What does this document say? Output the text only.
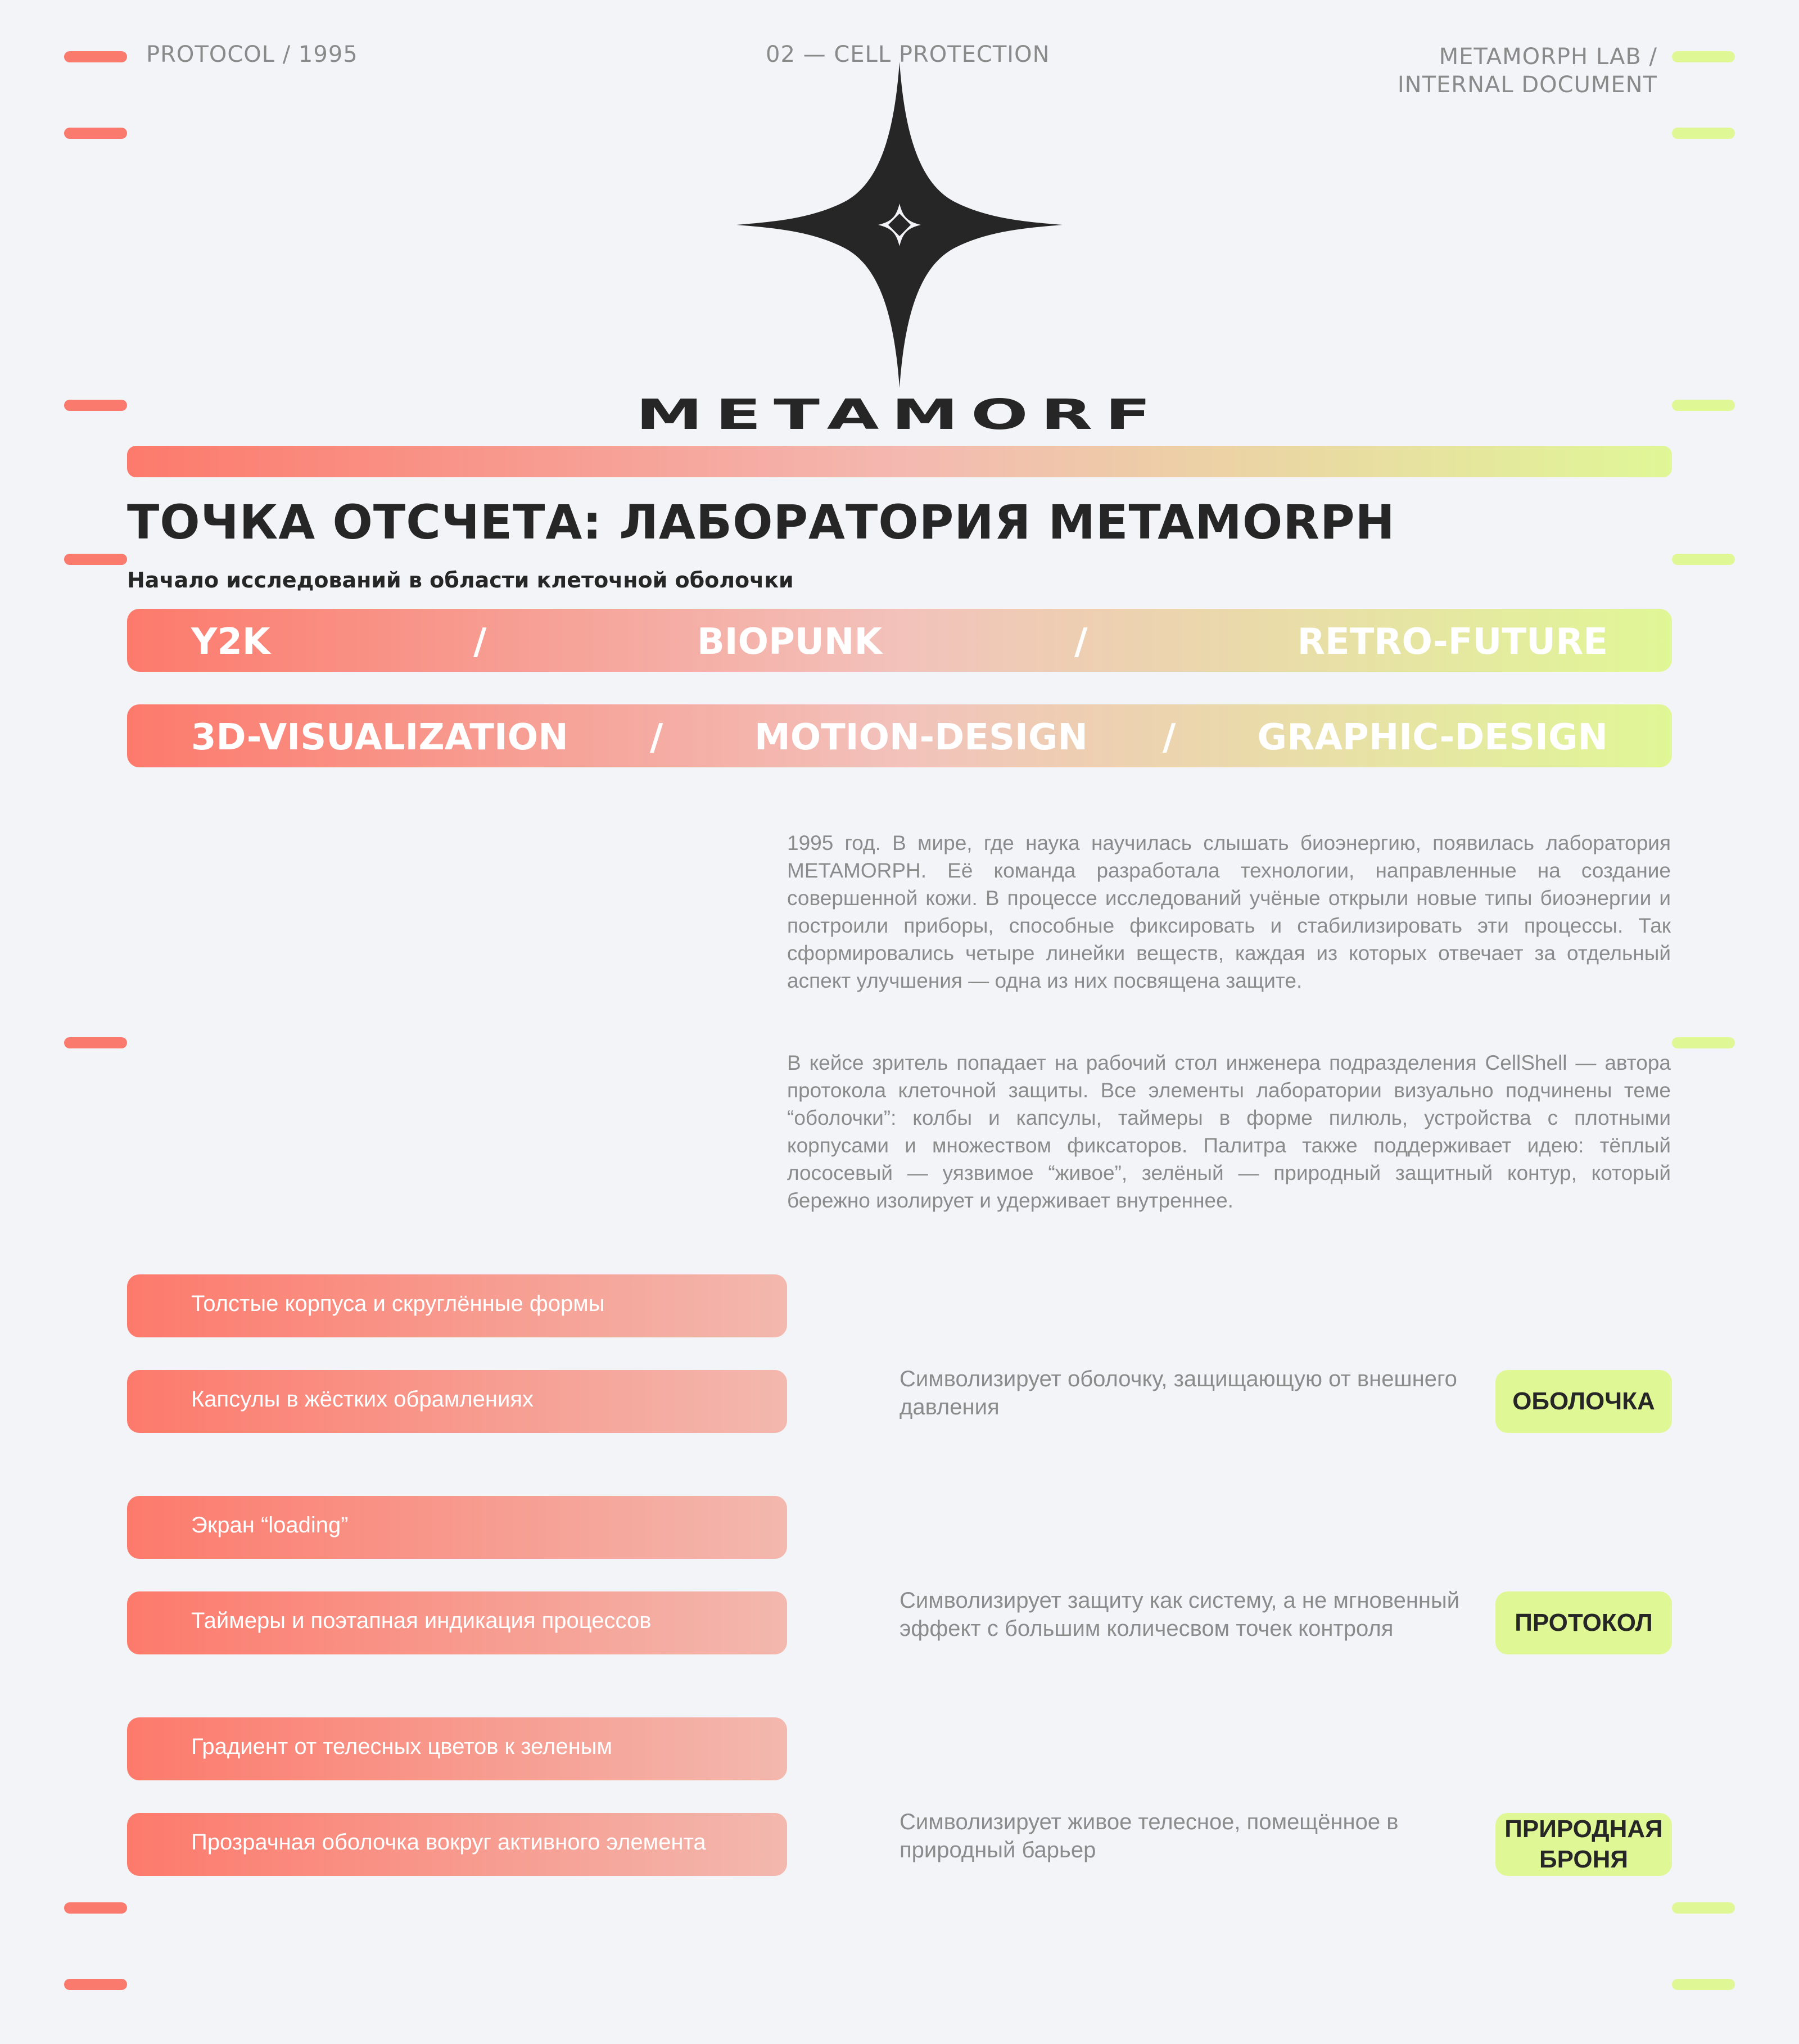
PROTOCOL / 1995	02 — CELL PROTECTION	METAMORPH LAB /
INTERNAL DOCUMENT
METAMORF
ТОЧКА ОТСЧЕТА: ЛАБОРАТОРИЯ METAMORPH
Начало исследований в области клеточной оболочки
Y2K	/	BIOPUNK	/	RETRO-FUTURE
3D-VISUALIZATION /	MOTION-DESIGN / GRAPHIC-DESIGN
1995 год. В мире, где наука научилась слышать биоэнергию, появилась лаборатория METAMORPH. Её команда разработала технологии, направленные на создание совершенной кожи. В процессе исследований учёные открыли новые типы биоэнергии и построили приборы, способные фиксировать и стабилизировать эти процессы. Так сформировались четыре линейки веществ, каждая из которых отвечает за отдельный аспект улучшения — одна из них посвящена защите.
В кейсе зритель попадает на рабочий стол инженера подразделения CellShell — автора протокола клеточной защиты. Все элементы лаборатории визуально подчинены теме “оболочки”: колбы и капсулы, таймеры в форме пилюль, устройства с плотными корпусами и множеством фиксаторов. Палитра также поддерживает идею: тёплый лососевый — уязвимое “живое”, зелёный — природный защитный контур, который бережно изолирует и удерживает внутреннее.
Толстые корпуса и скруглённые формы
Капсулы в жёстких обрамлениях
Экран “loading”
Таймеры и поэтапная индикация процессов
Градиент от телесных цветов к зеленым
Прозрачная оболочка вокруг активного элемента
Символизирует оболочку, защищающую от внешнего давления	ОБОЛОЧКА
Символизирует защиту как систему, а не мгновенный эффект с большим количесвом точек контроля	ПРОТОКОЛ
Символизирует живое телесное, помещённое в природный барьер
ПРИРОДНАЯ БРОНЯ
